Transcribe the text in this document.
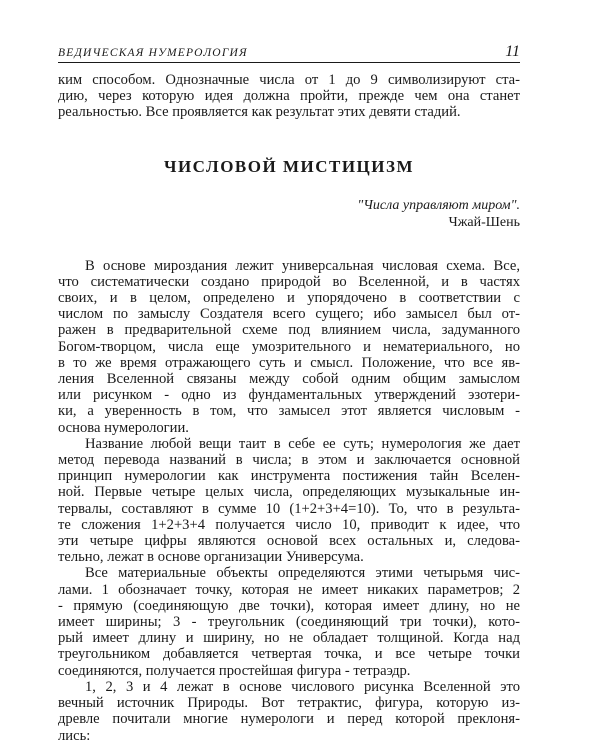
ВЕДИЧЕСКАЯ НУМЕРОЛОГИЯ	11
ким способом. Однозначные числа от 1 до 9 символизируют ста-
дию, через которую идея должна пройти, прежде чем она станет
реальностью. Все проявляется как результат этих девяти стадий.
ЧИСЛОВОЙ МИСТИЦИЗМ
"Числа управляют миром".
Чжай-Шень
В основе мироздания лежит универсальная числовая схема. Все,
что систематически создано природой во Вселенной, и в частях
своих, и в целом, определено и упорядочено в соответствии с
числом по замыслу Создателя всего сущего; ибо замысел был от-
ражен в предварительной схеме под влиянием числа, задуманного
Богом-творцом, числа еще умозрительного и нематериального, но
в то же время отражающего суть и смысл. Положение, что все яв-
ления Вселенной связаны между собой одним общим замыслом
или рисунком - одно из фундаментальных утверждений эзотери-
ки, а уверенность в том, что замысел этот является числовым -
основа нумерологии.
Название любой вещи таит в себе ее суть; нумерология же дает
метод перевода названий в числа; в этом и заключается основной
принцип нумерологии как инструмента постижения тайн Вселен-
ной. Первые четыре целых числа, определяющих музыкальные ин-
тервалы, составляют в сумме 10 (1+2+3+4=10). То, что в результа-
те сложения 1+2+3+4 получается число 10, приводит к идее, что
эти четыре цифры являются основой всех остальных и, следова-
тельно, лежат в основе организации Универсума.
Все материальные объекты определяются этими четырьмя чис-
лами. 1 обозначает точку, которая не имеет никаких параметров; 2
- прямую (соединяющую две точки), которая имеет длину, но не
имеет ширины; 3 - треугольник (соединяющий три точки), кото-
рый имеет длину и ширину, но не обладает толщиной. Когда над
треугольником добавляется четвертая точка, и все четыре точки
соединяются, получается простейшая фигура - тетраэдр.
1, 2, 3 и 4 лежат в основе числового рисунка Вселенной это
вечный источник Природы. Вот тетрактис, фигура, которую из-
древле почитали многие нумерологи и перед которой преклоня-
лись:
